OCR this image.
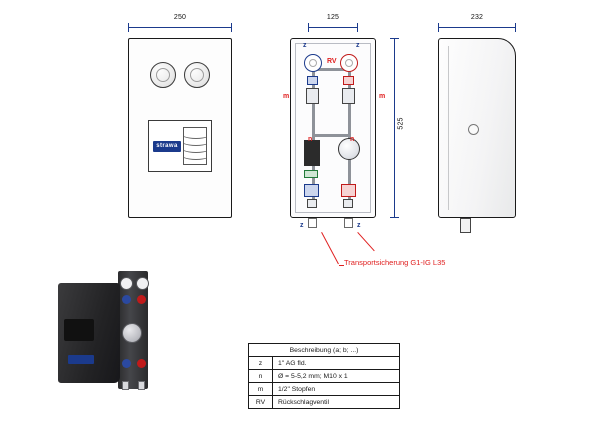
250
strawa
125
z	z
RV
m	m
n	n
z	z
525
232
Transportsicherung G1-IG L35
Beschreibung (a; b; ...)
z	1" AG fld.
n	Ø = 5-5,2 mm; M10 x 1
m	1/2" Stopfen
RV	Rückschlagventil
